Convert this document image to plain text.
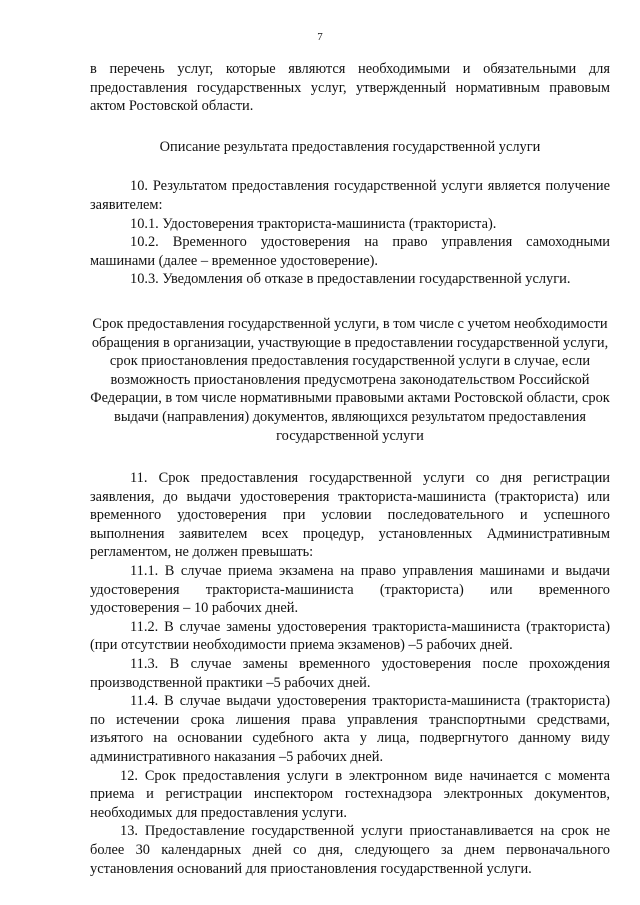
7

в перечень услуг, которые являются необходимыми и обязательными для предоставления государственных услуг, утвержденный нормативным правовым актом Ростовской области.

Описание результата предоставления государственной услуги

10. Результатом предоставления государственной услуги является получение заявителем:

10.1. Удостоверения тракториста-машиниста (тракториста).

10.2. Временного удостоверения на право управления самоходными машинами (далее – временное удостоверение).

10.3. Уведомления об отказе в предоставлении государственной услуги.

Срок предоставления государственной услуги, в том числе с учетом необходимости обращения в организации, участвующие в предоставлении государственной услуги, срок приостановления предоставления государственной услуги в случае, если возможность приостановления предусмотрена законодательством Российской Федерации, в том числе нормативными правовыми актами Ростовской области, срок выдачи (направления) документов, являющихся результатом предоставления государственной услуги

11. Срок предоставления государственной услуги со дня регистрации заявления, до выдачи удостоверения тракториста-машиниста (тракториста) или временного удостоверения при условии последовательного и успешного выполнения заявителем всех процедур, установленных Административным регламентом, не должен превышать:

11.1. В случае приема экзамена на право управления машинами и выдачи удостоверения тракториста-машиниста (тракториста) или временного удостоверения – 10 рабочих дней.

11.2. В случае замены удостоверения тракториста-машиниста (тракториста) (при отсутствии необходимости приема экзаменов) –5 рабочих дней.

11.3. В случае замены временного удостоверения после прохождения производственной практики –5 рабочих дней.

11.4. В случае выдачи удостоверения тракториста-машиниста (тракториста) по истечении срока лишения права управления транспортными средствами, изъятого на основании судебного акта у лица, подвергнутого данному виду административного наказания –5 рабочих дней.

12. Срок предоставления услуги в электронном виде начинается с момента приема и регистрации инспектором гостехнадзора электронных документов, необходимых для предоставления услуги.

13. Предоставление государственной услуги приостанавливается на срок не более 30 календарных дней со дня, следующего за днем первоначального установления оснований для приостановления государственной услуги.
